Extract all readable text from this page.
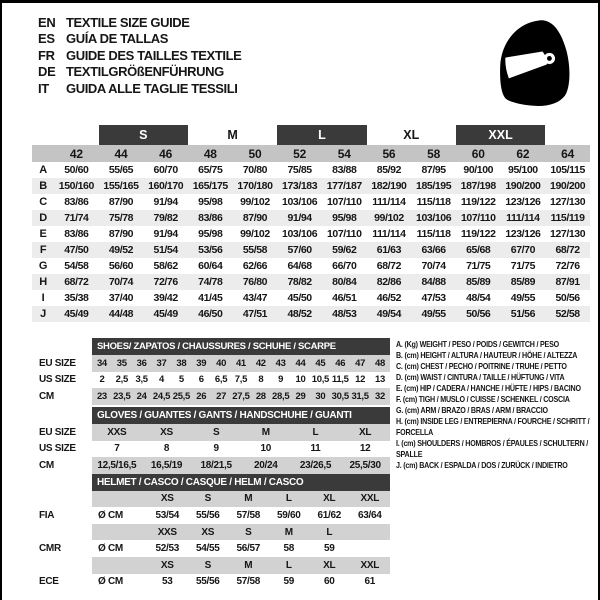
EN TEXTILE SIZE GUIDE
ES GUÍA DE TALLAS
FR GUIDE DES TAILLES TEXTILE
DE TEXTILGRÖßENFÜHRUNG
IT	GUIDA ALLE TAGLIE TESSILI
		S		M		L		XL		XXL		
	42	44	46	48	50	52	54	56	58	60	62	64
A	50/60	55/65	60/70	65/75	70/80	75/85	83/88	85/92	87/95	90/100	95/100	105/115
B	150/160	155/165	160/170	165/175	170/180	173/183	177/187	182/190	185/195	187/198	190/200	190/200
C	83/86	87/90	91/94	95/98	99/102	103/106	107/110	111/114	115/118	119/122	123/126	127/130
D	71/74	75/78	79/82	83/86	87/90	91/94	95/98	99/102	103/106	107/110	111/114	115/119
E	83/86	87/90	91/94	95/98	99/102	103/106	107/110	111/114	115/118	119/122	123/126	127/130
F	47/50	49/52	51/54	53/56	55/58	57/60	59/62	61/63	63/66	65/68	67/70	68/72
G	54/58	56/60	58/62	60/64	62/66	64/68	66/70	68/72	70/74	71/75	71/75	72/76
H	68/72	70/74	72/76	74/78	76/80	78/82	80/84	82/86	84/88	85/89	85/89	87/91
I	35/38	37/40	39/42	41/45	43/47	45/50	46/51	46/52	47/53	48/54	49/55	50/56
J	45/49	44/48	45/49	46/50	47/51	48/52	48/53	49/54	49/55	50/56	51/56	52/58
	SHOES/ ZAPATOS / CHAUSSURES / SCHUHE / SCARPE														
EU SIZE	34	35	36	37	38	39	40	41	42	43	44	45	46	47	48
US SIZE	2	2,5	3,5	4	5	6	6,5	7,5	8	9	10	10,5	11,5	12	13
CM	23	23,5	24	24,5	25,5	26	27	27,5	28	28,5	29	30	30,5	31,5	32
	GLOVES / GUANTES / GANTS / HANDSCHUHE / GUANTI					
EU SIZE	XXS	XS	S	M	L	XL
US SIZE	7	8	9	10	11	12
CM	12,5/16,5	16,5/19	18/21,5	20/24	23/26,5	25,5/30
	HELMET / CASCO / CASQUE / HELM / CASCO						
		XS	S	M	L	XL	XXL
FIA	Ø CM	53/54	55/56	57/58	59/60	61/62	63/64
		XXS	XS	S	M	L	
CMR	Ø CM	52/53	54/55	56/57	58	59	
		XS	S	M	L	XL	XXL
ECE	Ø CM	53	55/56	57/58	59	60	61
A. (Kg) WEIGHT / PESO / POIDS / GEWITCH / PESO
B. (cm) HEIGHT / ALTURA / HAUTEUR / HÖHE / ALTEZZA
C. (cm) CHEST / PECHO / POITRINE / TRUHE / PETTO
D. (cm) WAIST / CINTURA / TAILLE / HÜFTUNG / VITA
E. (cm) HIP / CADERA / HANCHE / HÜFTE / HIPS / BACINO
F. (cm) TIGH / MUSLO / CUISSE / SCHENKEL / COSCIA
G. (cm) ARM / BRAZO / BRAS / ARM / BRACCIO
H. (cm) INSIDE LEG / ENTREPIERNA / FOURCHE / SCHRITT / FORCELLA
I. (cm) SHOULDERS / HOMBROS / ÉPAULES / SCHULTERN / SPALLE
J. (cm) BACK / ESPALDA / DOS / ZURÜCK / INDIETRO
